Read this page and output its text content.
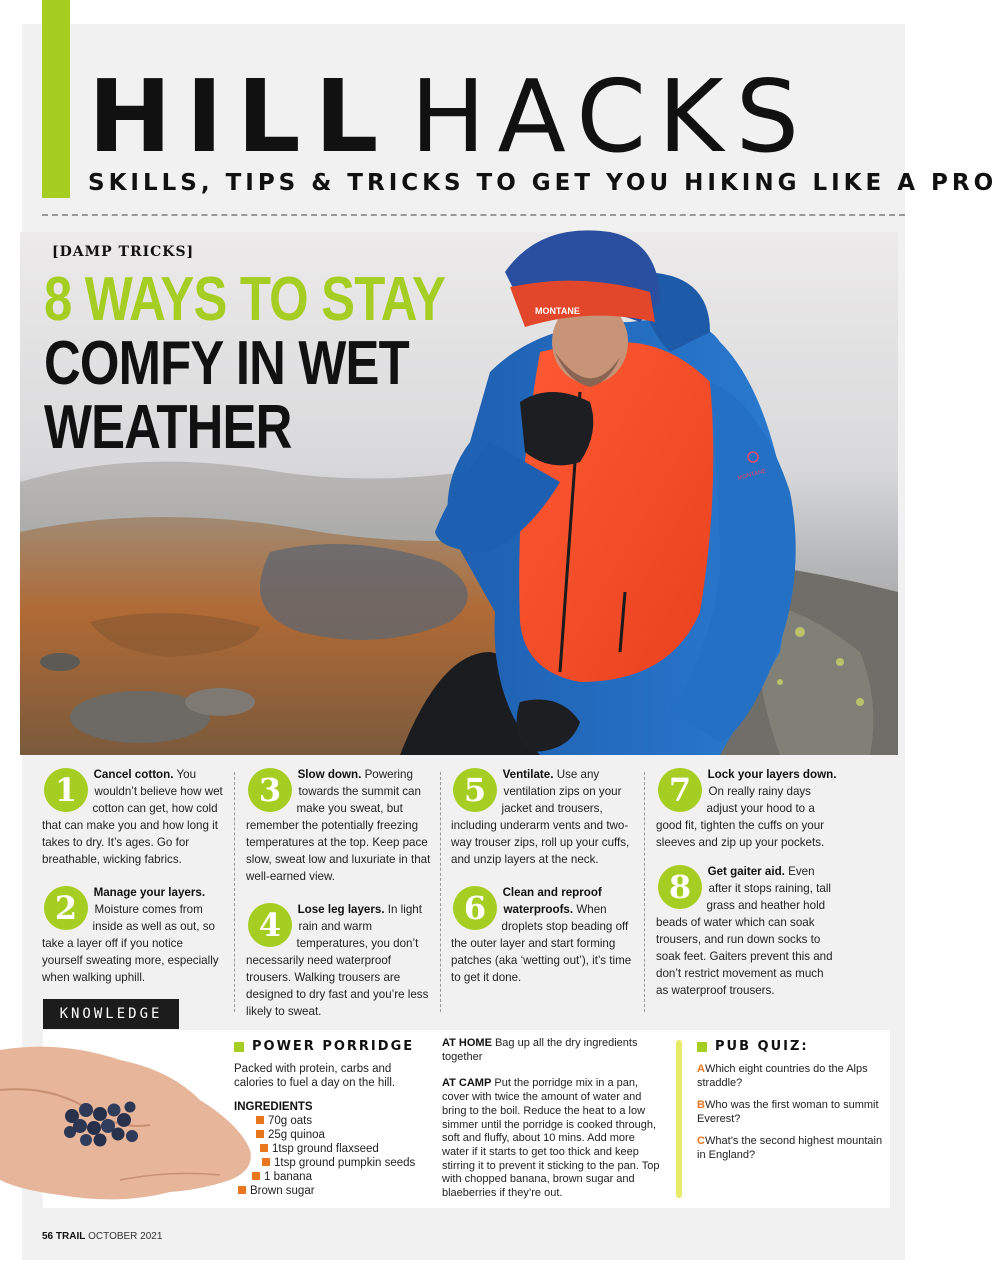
HILL HACKS
SKILLS, TIPS & TRICKS TO GET YOU HIKING LIKE A PRO
MONTANE
MONTANE
[DAMP TRICKS]
8 WAYS TO STAY
COMFY IN WET
WEATHER
1	Cancel cotton. You wouldn’t believe how wet cotton can get, how cold that can make you and how long it takes to dry. It’s ages. Go for breathable, wicking fabrics.
2	Manage your layers. Moisture comes from inside as well as out, so take a layer off if you notice yourself sweating more, especially when walking uphill.
3	Slow down. Powering towards the summit can make you sweat, but remember the potentially freezing temperatures at the top. Keep pace slow, sweat low and luxuriate in that well-earned view.
4	Lose leg layers. In light rain and warm temperatures, you don’t necessarily need waterproof trousers. Walking trousers are designed to dry fast and you’re less likely to sweat.
5	Ventilate. Use any ventilation zips on your jacket and trousers, including underarm vents and two-way trouser zips, roll up your cuffs, and unzip layers at the neck.
6	Clean and reproof waterproofs. When droplets stop beading off the outer layer and start forming patches (aka ‘wetting out’), it’s time to get it done.
7	Lock your layers down. On really rainy days adjust your hood to a good fit, tighten the cuffs on your sleeves and zip up your pockets.
8	Get gaiter aid. Even after it stops raining, tall grass and heather hold beads of water which can soak trousers, and run down socks to soak feet. Gaiters prevent this and don’t restrict movement as much as waterproof trousers.
KNOWLEDGE
POWER PORRIDGE
Packed with protein, carbs and calories to fuel a day on the hill.
INGREDIENTS
70g oats
25g quinoa
1tsp ground flaxseed
1tsp ground pumpkin seeds
1 banana
Brown sugar
AT HOME Bag up all the dry ingredients together
AT CAMP Put the porridge mix in a pan, cover with twice the amount of water and bring to the boil. Reduce the heat to a low simmer until the porridge is cooked through, soft and fluffy, about 10 mins. Add more water if it starts to get too thick and keep stirring it to prevent it sticking to the pan. Top with chopped banana, brown sugar and blaeberries if they’re out.
PUB QUIZ:
AWhich eight countries do the Alps straddle?
BWho was the first woman to summit Everest?
CWhat’s the second highest mountain in England?
56 TRAIL OCTOBER 2021
